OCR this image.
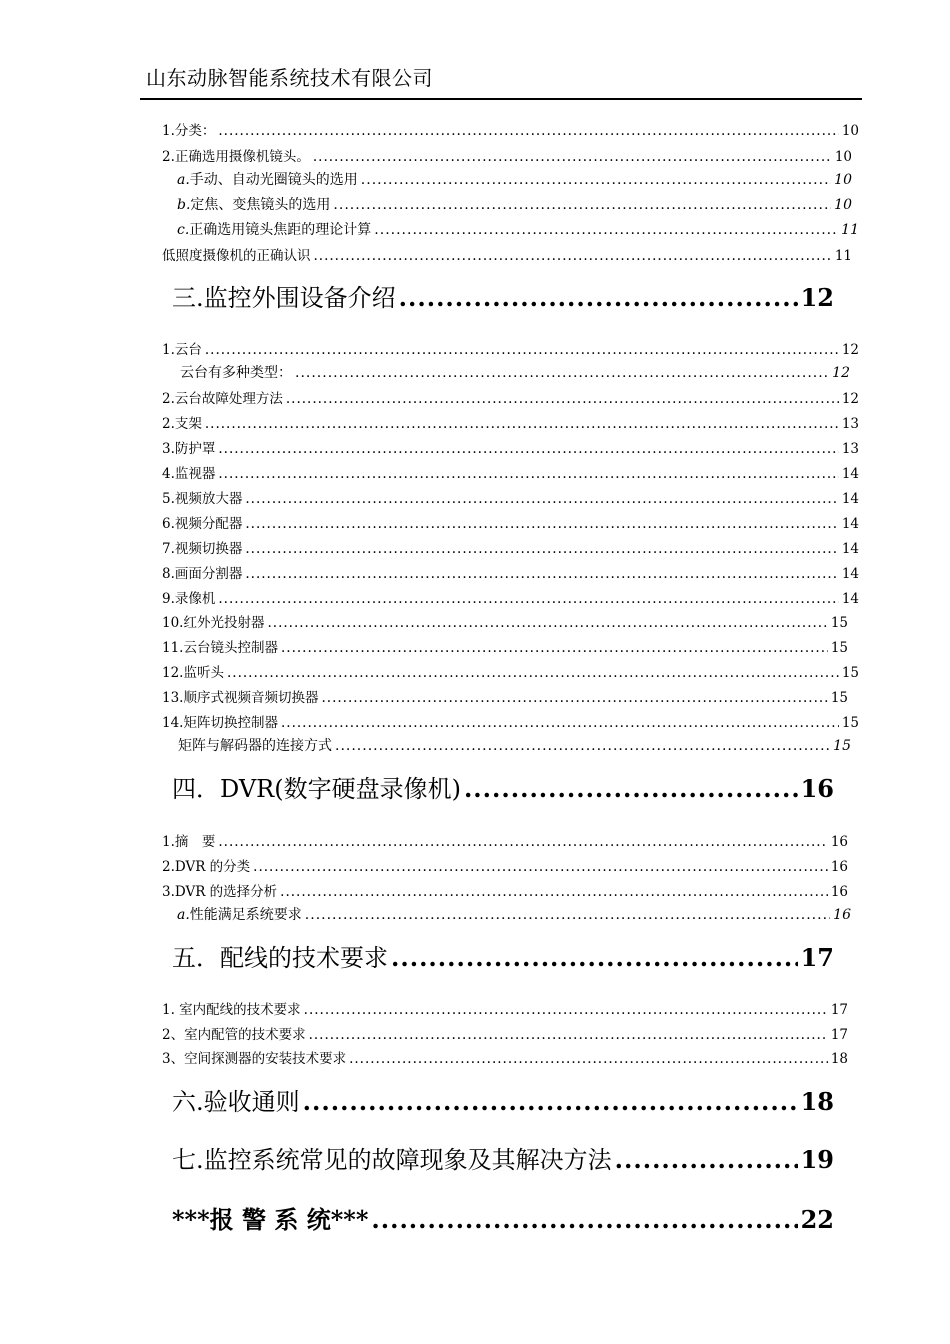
山东动脉智能系统技术有限公司
1.分类： .....	10
2.正确选用摄像机镜头。 .....	10
a.手动、自动光圈镜头的选用 .....	10
b.定焦、变焦镜头的选用 .....	10
c.正确选用镜头焦距的理论计算 .....	11
低照度摄像机的正确认识 .....	11
三.监控外围设备介绍 .....	12
1.云台 .....	12
云台有多种类型： .....	12
2.云台故障处理方法 .....	12
2.支架 .....	13
3.防护罩 .....	13
4.监视器 .....	14
5.视频放大器 .....	14
6.视频分配器 .....	14
7.视频切换器 .....	14
8.画面分割器 .....	14
9.录像机 .....	14
10.红外光投射器 .....	15
11.云台镜头控制器 .....	15
12.监听头 .....	15
13.顺序式视频音频切换器 .....	15
14.矩阵切换控制器 .....	15
矩阵与解码器的连接方式 .....	15
四．DVR(数字硬盘录像机) .....	16
1.摘　要 .....	16
2.DVR 的分类 .....	16
3.DVR 的选择分析 .....	16
a.性能满足系统要求 .....	16
五．配线的技术要求 .....	17
1. 室内配线的技术要求 .....	17
2、室内配管的技术要求 .....	17
3、空间探测器的安装技术要求 .....	18
六.验收通则 .....	18
七.监控系统常见的故障现象及其解决方法 .....	19
***报 警 系 统*** .....	22
